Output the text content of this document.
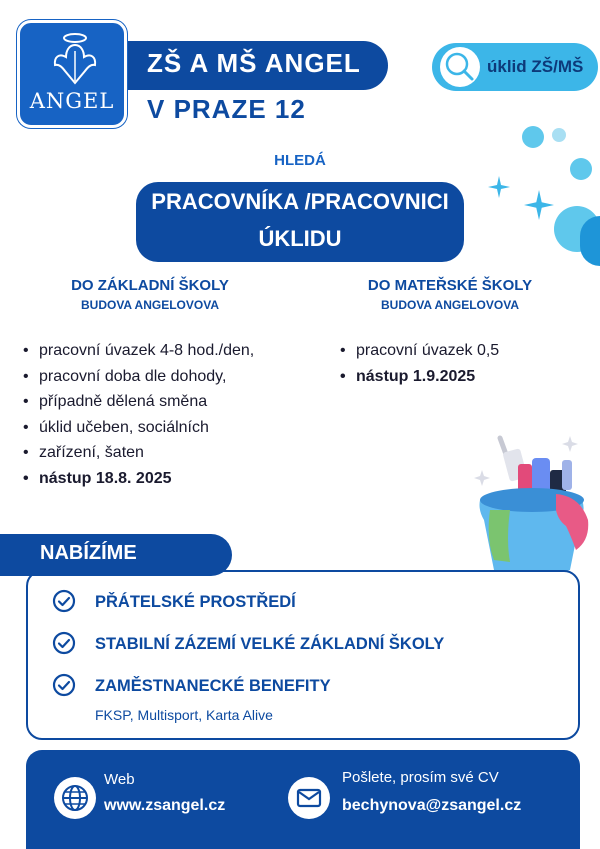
ANGEL
ZŠ A MŠ ANGEL
V PRAZE 12
úklid ZŠ/MŠ
HLEDÁ
PRACOVNÍKA /PRACOVNICI
ÚKLIDU
DO ZÁKLADNÍ ŠKOLY
BUDOVA ANGELOVOVA
DO MATEŘSKÉ ŠKOLY
BUDOVA ANGELOVOVA
• pracovní úvazek 4-8 hod./den,
• pracovní doba dle dohody,
• případně dělená směna
• úklid učeben, sociálních
• zařízení, šaten
• nástup 18.8. 2025
• pracovní úvazek 0,5
• nástup 1.9.2025
NABÍZÍME
PŘÁTELSKÉ PROSTŘEDÍ
STABILNÍ ZÁZEMÍ VELKÉ ZÁKLADNÍ ŠKOLY
ZAMĚSTNANECKÉ BENEFITY
FKSP, Multisport, Karta Alive
Web
www.zsangel.cz
Pošlete, prosím své CV
bechynova@zsangel.cz
